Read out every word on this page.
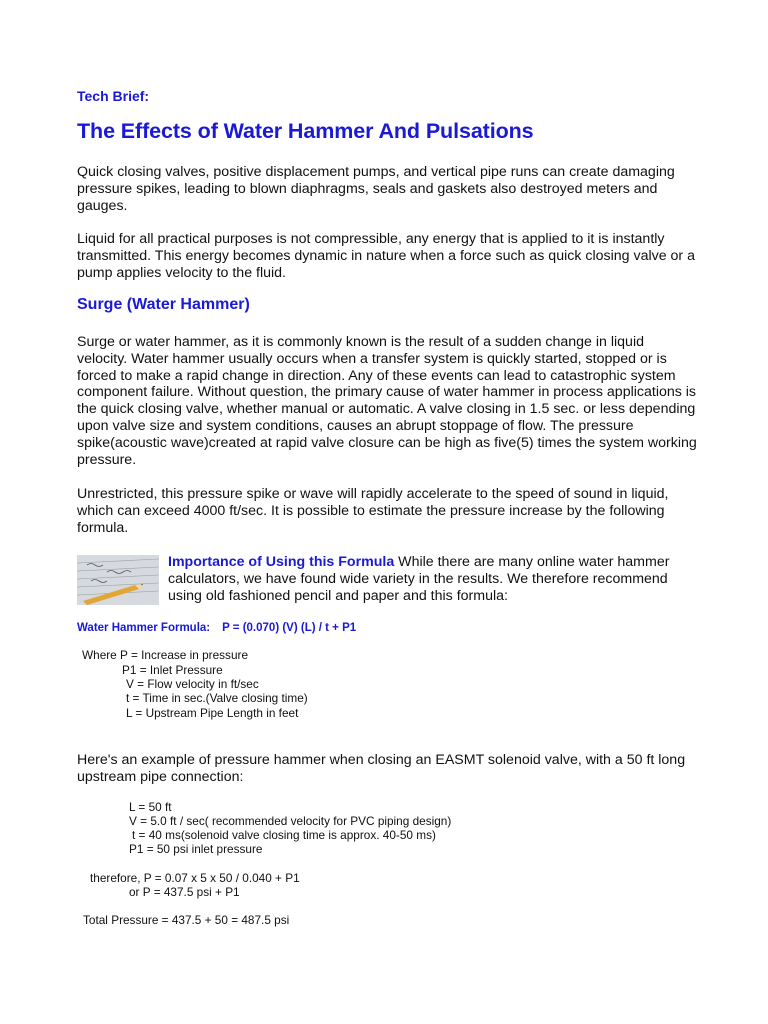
Tech Brief:
The Effects of Water Hammer And Pulsations

Quick closing valves, positive displacement pumps, and vertical pipe runs can create damaging pressure spikes, leading to blown diaphragms, seals and gaskets also destroyed meters and gauges.

Liquid for all practical purposes is not compressible, any energy that is applied to it is instantly transmitted. This energy becomes dynamic in nature when a force such as quick closing valve or a pump applies velocity to the fluid.

Surge (Water Hammer)

Surge or water hammer, as it is commonly known is the result of a sudden change in liquid velocity. Water hammer usually occurs when a transfer system is quickly started, stopped or is forced to make a rapid change in direction. Any of these events can lead to catastrophic system component failure. Without question, the primary cause of water hammer in process applications is the quick closing valve, whether manual or automatic. A valve closing in 1.5 sec. or less depending upon valve size and system conditions, causes an abrupt stoppage of flow. The pressure spike(acoustic wave)created at rapid valve closure can be high as five(5) times the system working pressure.

Unrestricted, this pressure spike or wave will rapidly accelerate to the speed of sound in liquid, which can exceed 4000 ft/sec. It is possible to estimate the pressure increase by the following formula.

Importance of Using this Formula While there are many online water hammer calculators, we have found wide variety in the results. We therefore recommend using old fashioned pencil and paper and this formula:

Water Hammer Formula: P = (0.070) (V) (L) / t + P1
Where P = Increase in pressure
P1 = Inlet Pressure
V = Flow velocity in ft/sec
t = Time in sec.(Valve closing time)
L = Upstream Pipe Length in feet

Here's an example of pressure hammer when closing an EASMT solenoid valve, with a 50 ft long upstream pipe connection:

L = 50 ft
V = 5.0 ft / sec( recommended velocity for PVC piping design)
t = 40 ms(solenoid valve closing time is approx. 40-50 ms)
P1 = 50 psi inlet pressure
therefore, P = 0.07 x 5 x 50 / 0.040 + P1
or P = 437.5 psi + P1
Total Pressure = 437.5 + 50 = 487.5 psi
